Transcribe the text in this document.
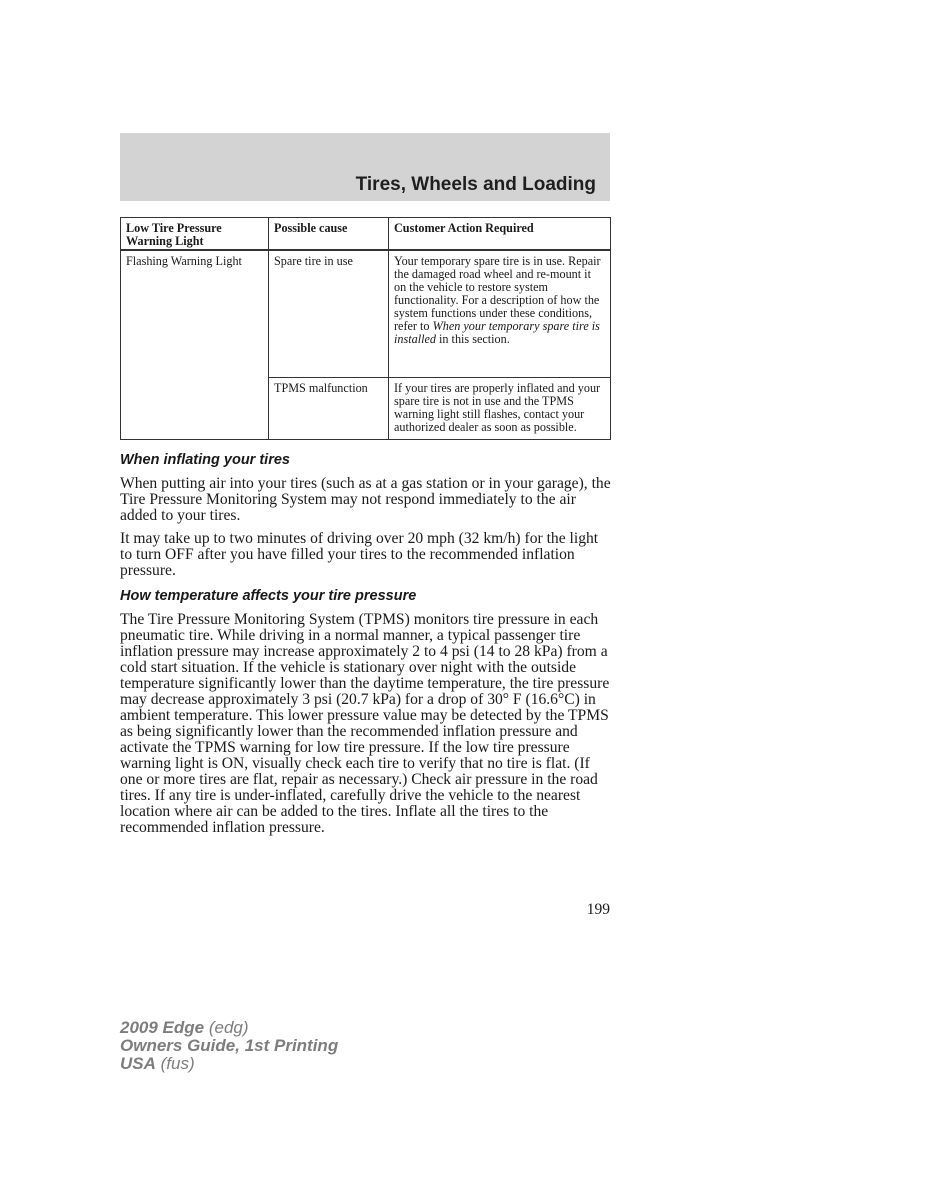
Tires, Wheels and Loading
Low Tire Pressure Warning Light	Possible cause	Customer Action Required
Flashing Warning Light	Spare tire in use	Your temporary spare tire is in use. Repair the damaged road wheel and re-mount it on the vehicle to restore system functionality. For a description of how the system functions under these conditions, refer to When your temporary spare tire is installed in this section.
	TPMS malfunction	If your tires are properly inflated and your spare tire is not in use and the TPMS warning light still flashes, contact your authorized dealer as soon as possible.
When inflating your tires
When putting air into your tires (such as at a gas station or in your garage), the Tire Pressure Monitoring System may not respond immediately to the air added to your tires.
It may take up to two minutes of driving over 20 mph (32 km/h) for the light to turn OFF after you have filled your tires to the recommended inflation pressure.
How temperature affects your tire pressure
The Tire Pressure Monitoring System (TPMS) monitors tire pressure in each pneumatic tire. While driving in a normal manner, a typical passenger tire inflation pressure may increase approximately 2 to 4 psi (14 to 28 kPa) from a cold start situation. If the vehicle is stationary over night with the outside temperature significantly lower than the daytime temperature, the tire pressure may decrease approximately 3 psi (20.7 kPa) for a drop of 30° F (16.6°C) in ambient temperature. This lower pressure value may be detected by the TPMS as being significantly lower than the recommended inflation pressure and activate the TPMS warning for low tire pressure. If the low tire pressure warning light is ON, visually check each tire to verify that no tire is flat. (If one or more tires are flat, repair as necessary.) Check air pressure in the road tires. If any tire is under-inflated, carefully drive the vehicle to the nearest location where air can be added to the tires. Inflate all the tires to the recommended inflation pressure.
199
2009 Edge (edg)
Owners Guide, 1st Printing
USA (fus)
